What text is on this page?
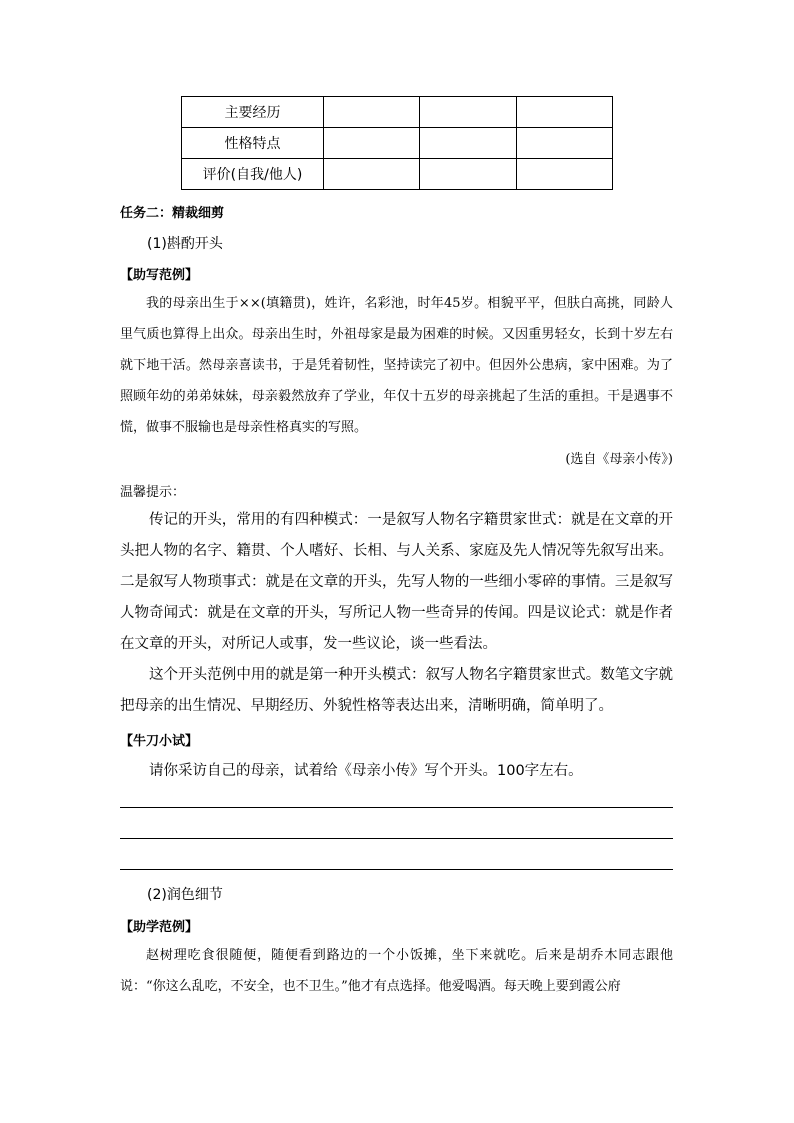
主要经历			
性格特点			
评价(自我/他人)			
任务二：精裁细剪
(1)斟酌开头
【助写范例】
我的母亲出生于××(填籍贯)，姓许，名彩池，时年45岁。相貌平平，但肤白高挑，同龄人里气质也算得上出众。母亲出生时，外祖母家是最为困难的时候。又因重男轻女，长到十岁左右就下地干活。然母亲喜读书，于是凭着韧性，坚持读完了初中。但因外公患病，家中困难。为了照顾年幼的弟弟妹妹，母亲毅然放弃了学业，年仅十五岁的母亲挑起了生活的重担。干是遇事不慌，做事不服输也是母亲性格真实的写照。
(选自《母亲小传》)
温馨提示：
传记的开头，常用的有四种模式：一是叙写人物名字籍贯家世式：就是在文章的开头把人物的名字、籍贯、个人嗜好、长相、与人关系、家庭及先人情况等先叙写出来。二是叙写人物琐事式：就是在文章的开头，先写人物的一些细小零碎的事情。三是叙写人物奇闻式：就是在文章的开头，写所记人物一些奇异的传闻。四是议论式：就是作者在文章的开头，对所记人或事，发一些议论，谈一些看法。
这个开头范例中用的就是第一种开头模式：叙写人物名字籍贯家世式。数笔文字就把母亲的出生情况、早期经历、外貌性格等表达出来，清晰明确，简单明了。
【牛刀小试】
请你采访自己的母亲，试着给《母亲小传》写个开头。100字左右。
(2)润色细节
【助学范例】
赵树理吃食很随便，随便看到路边的一个小饭摊，坐下来就吃。后来是胡乔木同志跟他说：“你这么乱吃，不安全，也不卫生。”他才有点选择。他爱喝酒。每天晚上要到霞公府
